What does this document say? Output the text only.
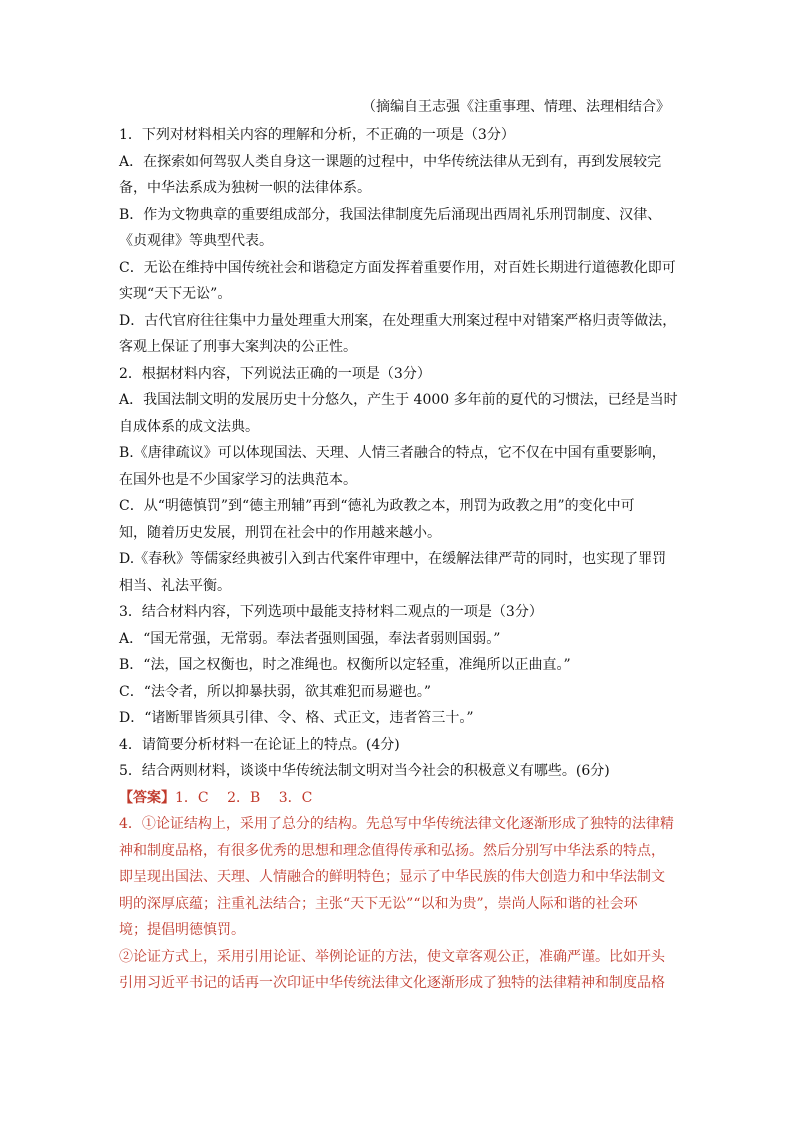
（摘编自王志强《注重事理、情理、法理相结合》
1．下列对材料相关内容的理解和分析，不正确的一项是（3分）
A．在探索如何驾驭人类自身这一课题的过程中，中华传统法律从无到有，再到发展较完
备，中华法系成为独树一帜的法律体系。
B．作为文物典章的重要组成部分，我国法律制度先后涌现出西周礼乐刑罚制度、汉律、
《贞观律》等典型代表。
C．无讼在维持中国传统社会和谐稳定方面发挥着重要作用，对百姓长期进行道德教化即可
实现“天下无讼”。
D．古代官府往往集中力量处理重大刑案，在处理重大刑案过程中对错案严格归责等做法，
客观上保证了刑事大案判决的公正性。
2．根据材料内容，下列说法正确的一项是（3分）
A．我国法制文明的发展历史十分悠久，产生于 4000 多年前的夏代的习惯法，已经是当时
自成体系的成文法典。
B.《唐律疏议》可以体现国法、天理、人情三者融合的特点，它不仅在中国有重要影响，
在国外也是不少国家学习的法典范本。
C．从“明德慎罚”到“德主刑辅”再到“德礼为政教之本，刑罚为政教之用”的变化中可
知，随着历史发展，刑罚在社会中的作用越来越小。
D.《春秋》等儒家经典被引入到古代案件审理中，在缓解法律严苛的同时，也实现了罪罚
相当、礼法平衡。
3．结合材料内容，下列选项中最能支持材料二观点的一项是（3分）
A．“国无常强，无常弱。奉法者强则国强，奉法者弱则国弱。”
B．“法，国之权衡也，时之准绳也。权衡所以定轻重，准绳所以正曲直。”
C．“法令者，所以抑暴扶弱，欲其难犯而易避也。”
D．“诸断罪皆须具引律、令、格、式正文，违者笞三十。”
4．请简要分析材料一在论证上的特点。(4分)
5．结合两则材料，谈谈中华传统法制文明对当今社会的积极意义有哪些。(6分)
【答案】1．C　 2．B　 3．C
4．①论证结构上，采用了总分的结构。先总写中华传统法律文化逐渐形成了独特的法律精
神和制度品格，有很多优秀的思想和理念值得传承和弘扬。然后分别写中华法系的特点，
即呈现出国法、天理、人情融合的鲜明特色；显示了中华民族的伟大创造力和中华法制文
明的深厚底蕴；注重礼法结合；主张“天下无讼”“以和为贵”，崇尚人际和谐的社会环
境；提倡明德慎罚。
②论证方式上，采用引用论证、举例论证的方法，使文章客观公正，准确严谨。比如开头
引用习近平书记的话再一次印证中华传统法律文化逐渐形成了独特的法律精神和制度品格
